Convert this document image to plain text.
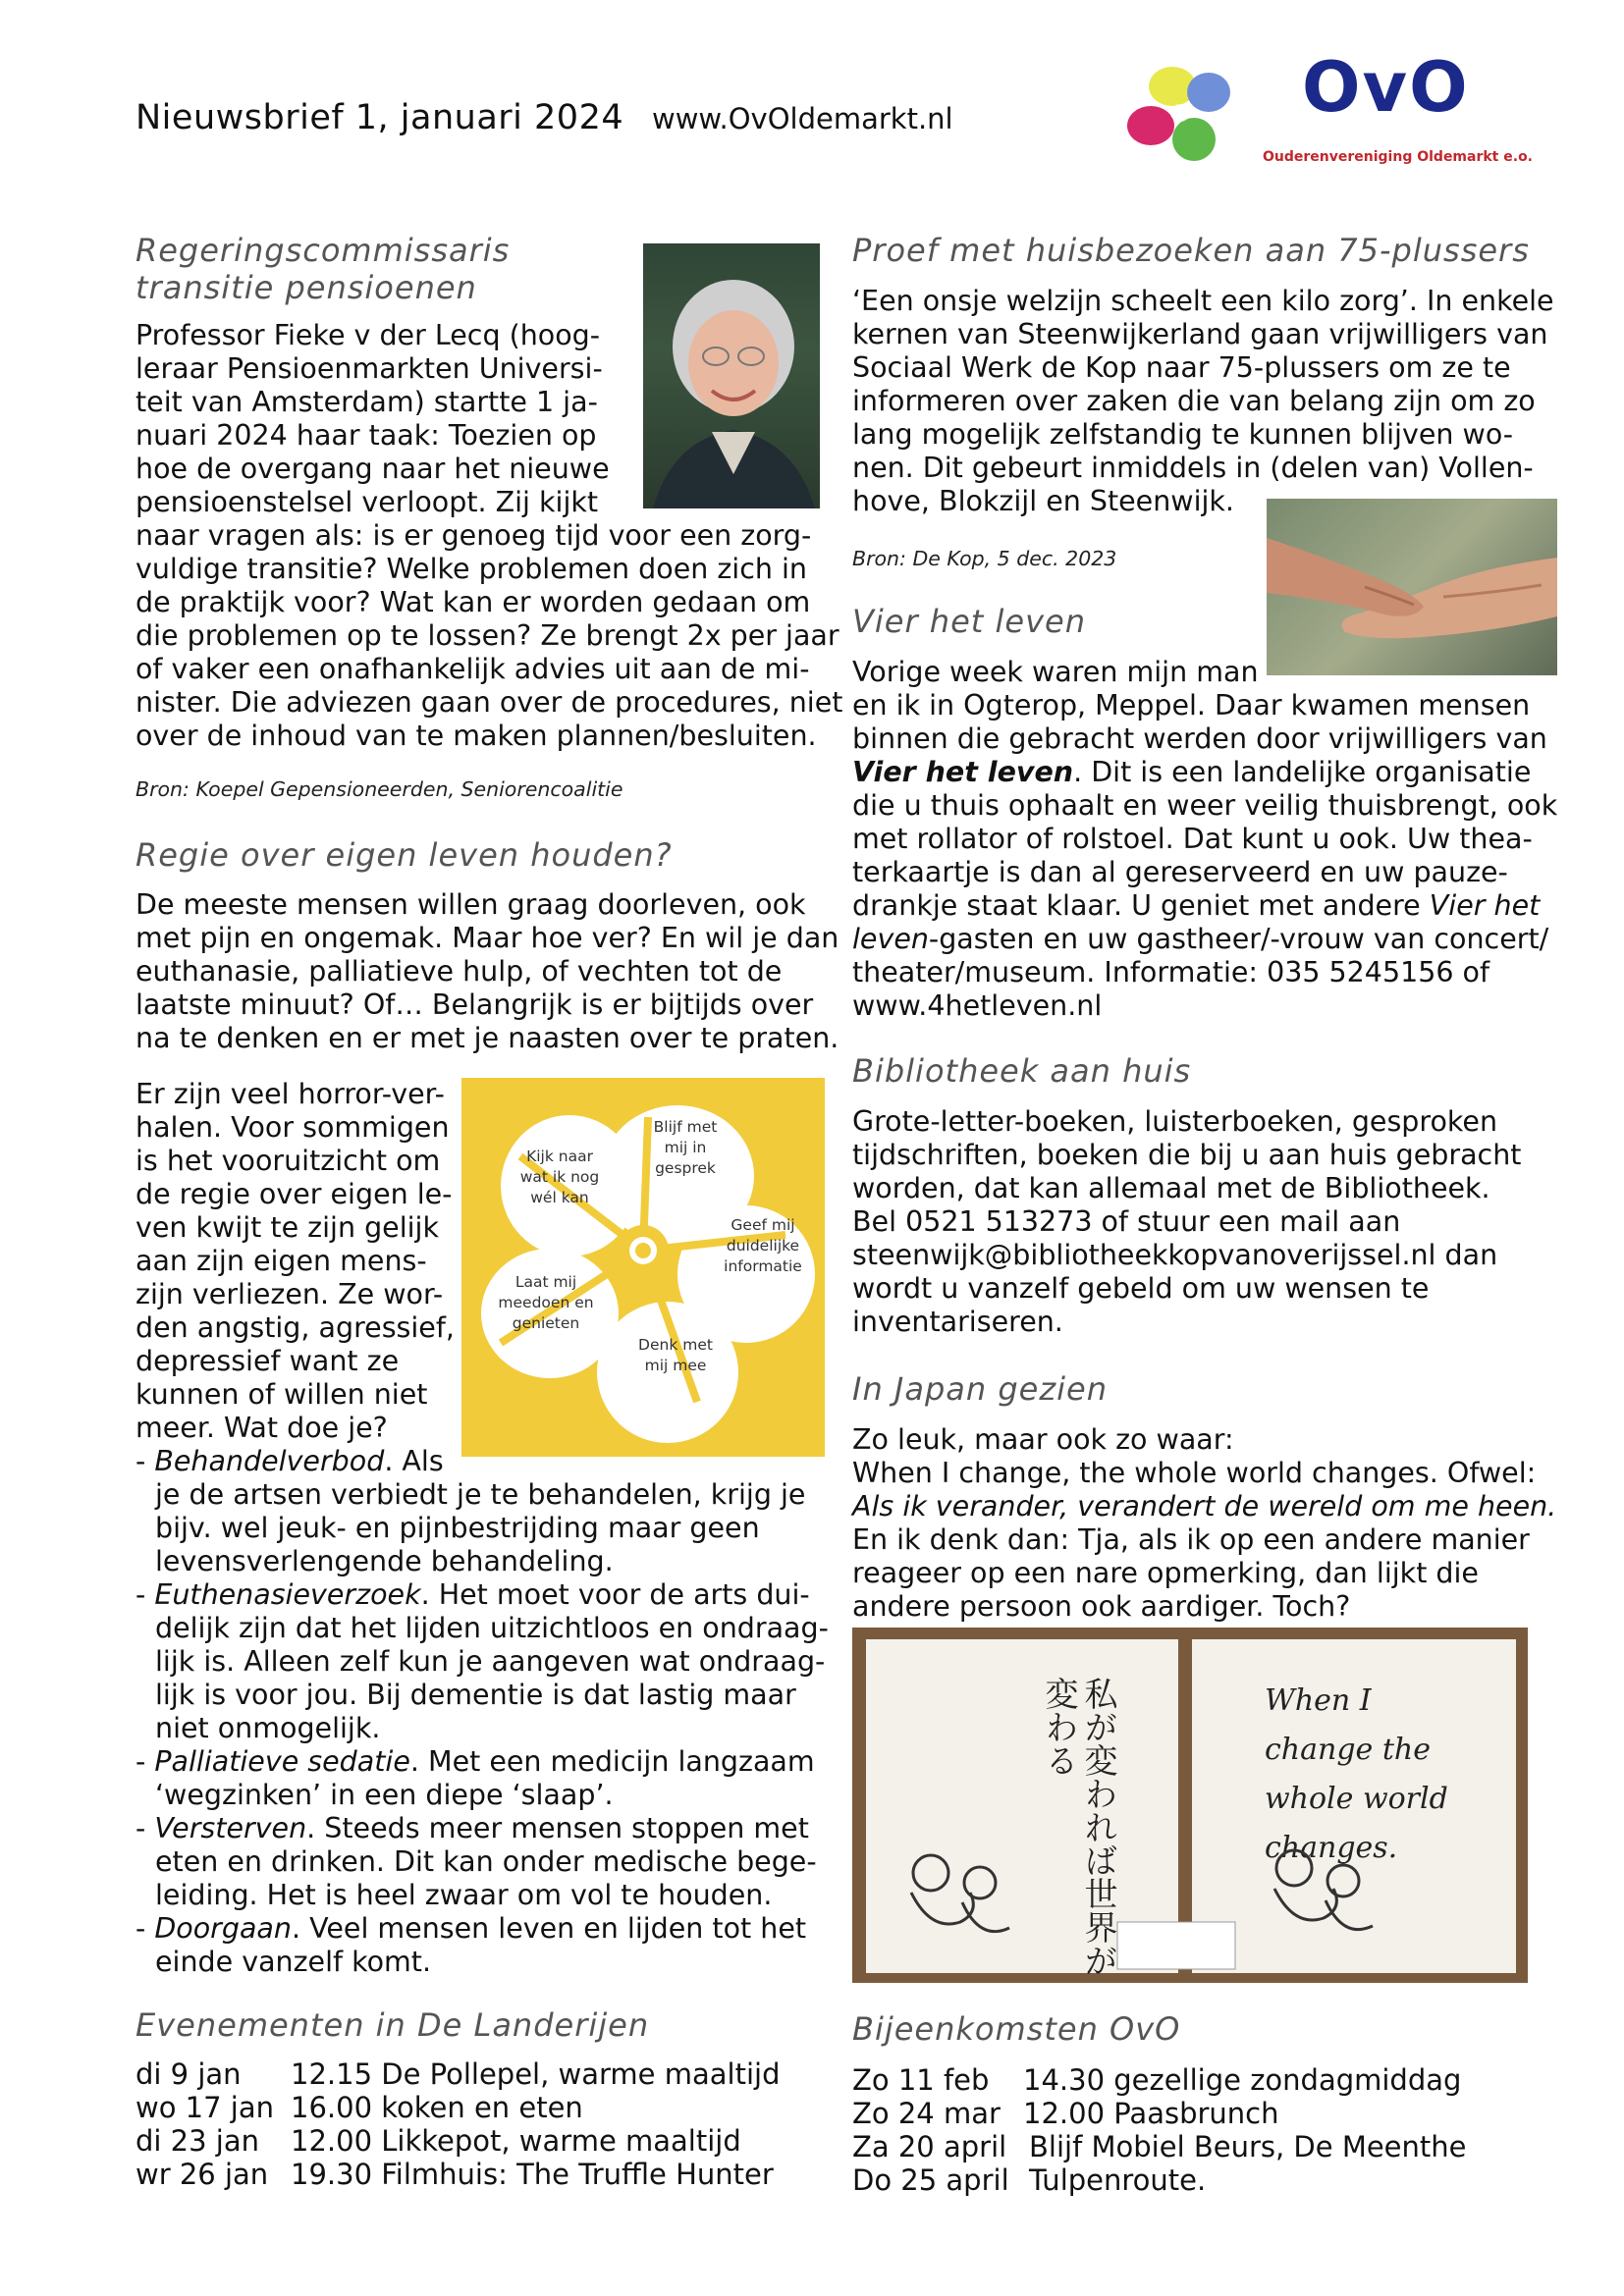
Nieuwsbrief 1, januari 2024 www.OvOldemarkt.nl	OvO
Ouderenvereniging Oldemarkt e.o.
Regeringscommissaris
transitie pensioenen
Professor Fieke v der Lecq (hoog-
leraar Pensioenmarkten Universi-
teit van Amsterdam) startte 1 ja-
nuari 2024 haar taak: Toezien op
hoe de overgang naar het nieuwe
pensioenstelsel verloopt. Zij kijkt
naar vragen als: is er genoeg tijd voor een zorg-
vuldige transitie? Welke problemen doen zich in
de praktijk voor? Wat kan er worden gedaan om
die problemen op te lossen? Ze brengt 2x per jaar
of vaker een onafhankelijk advies uit aan de mi-
nister. Die adviezen gaan over de procedures, niet
over de inhoud van te maken plannen/besluiten.
Bron: Koepel Gepensioneerden, Seniorencoalitie
Regie over eigen leven houden?
De meeste mensen willen graag doorleven, ook
met pijn en ongemak. Maar hoe ver? En wil je dan
euthanasie, palliatieve hulp, of vechten tot de
laatste minuut? Of… Belangrijk is er bijtijds over
na te denken en er met je naasten over te praten.
Er zijn veel horror-ver-
halen. Voor sommigen
is het vooruitzicht om
de regie over eigen le-
ven kwijt te zijn gelijk
aan zijn eigen mens-
zijn verliezen. Ze wor-
den angstig, agressief,
depressief want ze
kunnen of willen niet
meer. Wat doe je?
Blijf met mij in gesprek
Geef mij duidelijke informatie
Denk met mij mee
Laat mij meedoen en genieten
Kijk naar wat ik nog wél kan
- Behandelverbod. Als
je de artsen verbiedt je te behandelen, krijg je
bijv. wel jeuk- en pijnbestrijding maar geen
levensverlengende behandeling.
- Euthenasieverzoek. Het moet voor de arts dui-
delijk zijn dat het lijden uitzichtloos en ondraag-
lijk is. Alleen zelf kun je aangeven wat ondraag-
lijk is voor jou. Bij dementie is dat lastig maar
niet onmogelijk.
- Palliatieve sedatie. Met een medicijn langzaam
‘wegzinken’ in een diepe ‘slaap’.
- Versterven. Steeds meer mensen stoppen met
eten en drinken. Dit kan onder medische bege-
leiding. Het is heel zwaar om vol te houden.
- Doorgaan. Veel mensen leven en lijden tot het
einde vanzelf komt.
Evenementen in De Landerijen
di 9 jan 12.15 De Pollepel, warme maaltijd
wo 17 jan 16.00 koken en eten
di 23 jan 12.00 Likkepot, warme maaltijd
wr 26 jan 19.30 Filmhuis: The Truffle Hunter
Proef met huisbezoeken aan 75-plussers
‘Een onsje welzijn scheelt een kilo zorg’. In enkele
kernen van Steenwijkerland gaan vrijwilligers van
Sociaal Werk de Kop naar 75-plussers om ze te
informeren over zaken die van belang zijn om zo
lang mogelijk zelfstandig te kunnen blijven wo-
nen. Dit gebeurt inmiddels in (delen van) Vollen-
hove, Blokzijl en Steenwijk.
Bron: De Kop, 5 dec. 2023
Vier het leven
Vorige week waren mijn man
en ik in Ogterop, Meppel. Daar kwamen mensen
binnen die gebracht werden door vrijwilligers van
Vier het leven. Dit is een landelijke organisatie
die u thuis ophaalt en weer veilig thuisbrengt, ook
met rollator of rolstoel. Dat kunt u ook. Uw thea-
terkaartje is dan al gereserveerd en uw pauze-
drankje staat klaar. U geniet met andere Vier het
leven-gasten en uw gastheer/-vrouw van concert/
theater/museum. Informatie: 035 5245156 of
www.4hetleven.nl
Bibliotheek aan huis
Grote-letter-boeken, luisterboeken, gesproken
tijdschriften, boeken die bij u aan huis gebracht
worden, dat kan allemaal met de Bibliotheek.
Bel 0521 513273 of stuur een mail aan
steenwijk@bibliotheekkopvanoverijssel.nl dan
wordt u vanzelf gebeld om uw wensen te
inventariseren.
In Japan gezien
Zo leuk, maar ook zo waar:
When I change, the whole world changes. Ofwel:
Als ik verander, verandert de wereld om me heen.
En ik denk dan: Tja, als ik op een andere manier
reageer op een nare opmerking, dan lijkt die
andere persoon ook aardiger. Toch?
私が変われば世界が変わる	When I change the whole world changes.
Bijeenkomsten OvO
Zo 11 feb 14.30 gezellige zondagmiddag
Zo 24 mar 12.00 Paasbrunch
Za 20 april Blijf Mobiel Beurs, De Meenthe
Do 25 april Tulpenroute.
